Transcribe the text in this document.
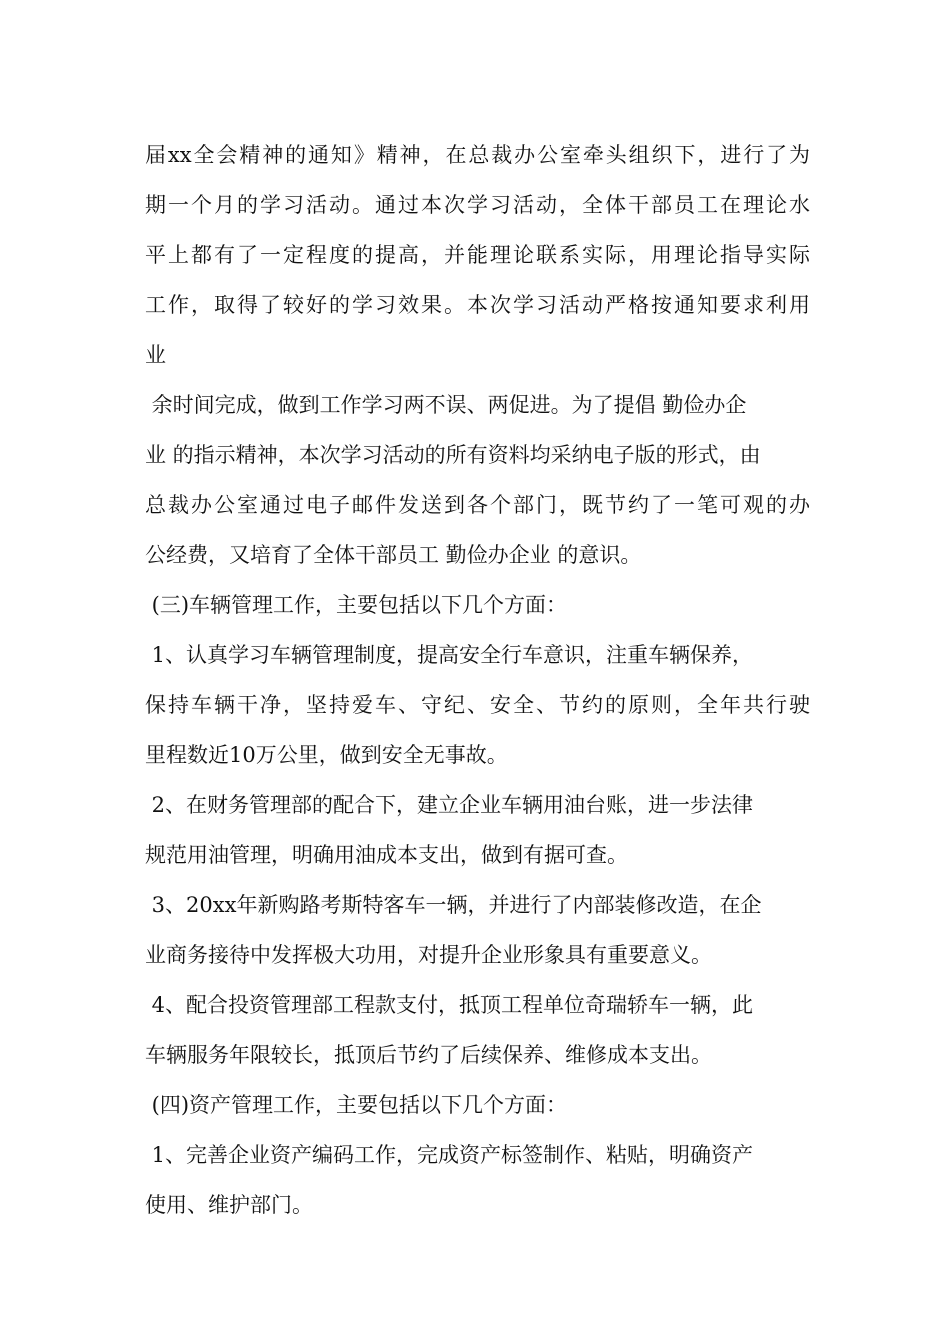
届xx全会精神的通知》精神，在总裁办公室牵头组织下，进行了为
期一个月的学习活动。通过本次学习活动，全体干部员工在理论水
平上都有了一定程度的提高，并能理论联系实际，用理论指导实际
工作，取得了较好的学习效果。本次学习活动严格按通知要求利用
业
余时间完成，做到工作学习两不误、两促进。为了提倡 勤俭办企
业 的指示精神，本次学习活动的所有资料均采纳电子版的形式，由
总裁办公室通过电子邮件发送到各个部门，既节约了一笔可观的办
公经费，又培育了全体干部员工 勤俭办企业 的意识。
(三)车辆管理工作，主要包括以下几个方面：
1、认真学习车辆管理制度，提高安全行车意识，注重车辆保养，
保持车辆干净，坚持爱车、守纪、安全、节约的原则，全年共行驶
里程数近10万公里，做到安全无事故。
2、在财务管理部的配合下，建立企业车辆用油台账，进一步法律
规范用油管理，明确用油成本支出，做到有据可查。
3、20xx年新购路考斯特客车一辆，并进行了内部装修改造，在企
业商务接待中发挥极大功用，对提升企业形象具有重要意义。
4、配合投资管理部工程款支付，抵顶工程单位奇瑞轿车一辆，此
车辆服务年限较长，抵顶后节约了后续保养、维修成本支出。
(四)资产管理工作，主要包括以下几个方面：
1、完善企业资产编码工作，完成资产标签制作、粘贴，明确资产
使用、维护部门。
